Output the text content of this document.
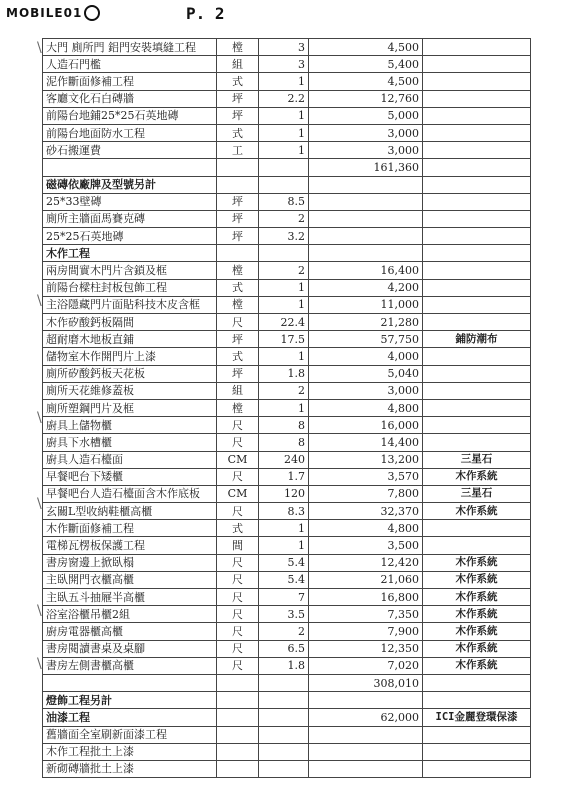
MOBILE01	P. 2
大門 廁所門 鋁門安裝填縫工程	樘	3	4,500	
人造石門檻	組	3	5,400	
泥作斷面修補工程	式	1	4,500	
客廳文化石白磚牆	坪	2.2	12,760	
前陽台地鋪25*25石英地磚	坪	1	5,000	
前陽台地面防水工程	式	1	3,000	
砂石搬運費	工	1	3,000	
			161,360	
磁磚依廠牌及型號另計				
25*33壁磚	坪	8.5		
廁所主牆面馬賽克磚	坪	2		
25*25石英地磚	坪	3.2		
木作工程				
兩房間實木門片含鎖及框	樘	2	16,400	
前陽台樑柱封板包飾工程	式	1	4,200	
主浴隱藏門片面貼科技木皮含框	樘	1	11,000	
木作矽酸鈣板隔間	尺	22.4	21,280	
超耐磨木地板直鋪	坪	17.5	57,750	鋪防潮布
儲物室木作開門片上漆	式	1	4,000	
廁所矽酸鈣板天花板	坪	1.8	5,040	
廁所天花維修蓋板	組	2	3,000	
廁所塑鋼門片及框	樘	1	4,800	
廚具上儲物櫃	尺	8	16,000	
廚具下水槽櫃	尺	8	14,400	
廚具人造石檯面	CM	240	13,200	三星石
早餐吧台下矮櫃	尺	1.7	3,570	木作系統
早餐吧台人造石檯面含木作底板	CM	120	7,800	三星石
玄關L型收納鞋櫃高櫃	尺	8.3	32,370	木作系統
木作斷面修補工程	式	1	4,800	
電梯瓦楞板保護工程	間	1	3,500	
書房窗邊上掀臥榻	尺	5.4	12,420	木作系統
主臥開門衣櫃高櫃	尺	5.4	21,060	木作系統
主臥五斗抽屜半高櫃	尺	7	16,800	木作系統
浴室浴櫃吊櫃2組	尺	3.5	7,350	木作系統
廚房電器櫃高櫃	尺	2	7,900	木作系統
書房閱讀書桌及桌腳	尺	6.5	12,350	木作系統
書房左側書櫃高櫃	尺	1.8	7,020	木作系統
			308,010	
燈飾工程另計				
油漆工程			62,000	ICI金麗登環保漆
舊牆面全室刷新面漆工程				
木作工程批土上漆				
新砌磚牆批土上漆				
\
\
\
\
\
\
